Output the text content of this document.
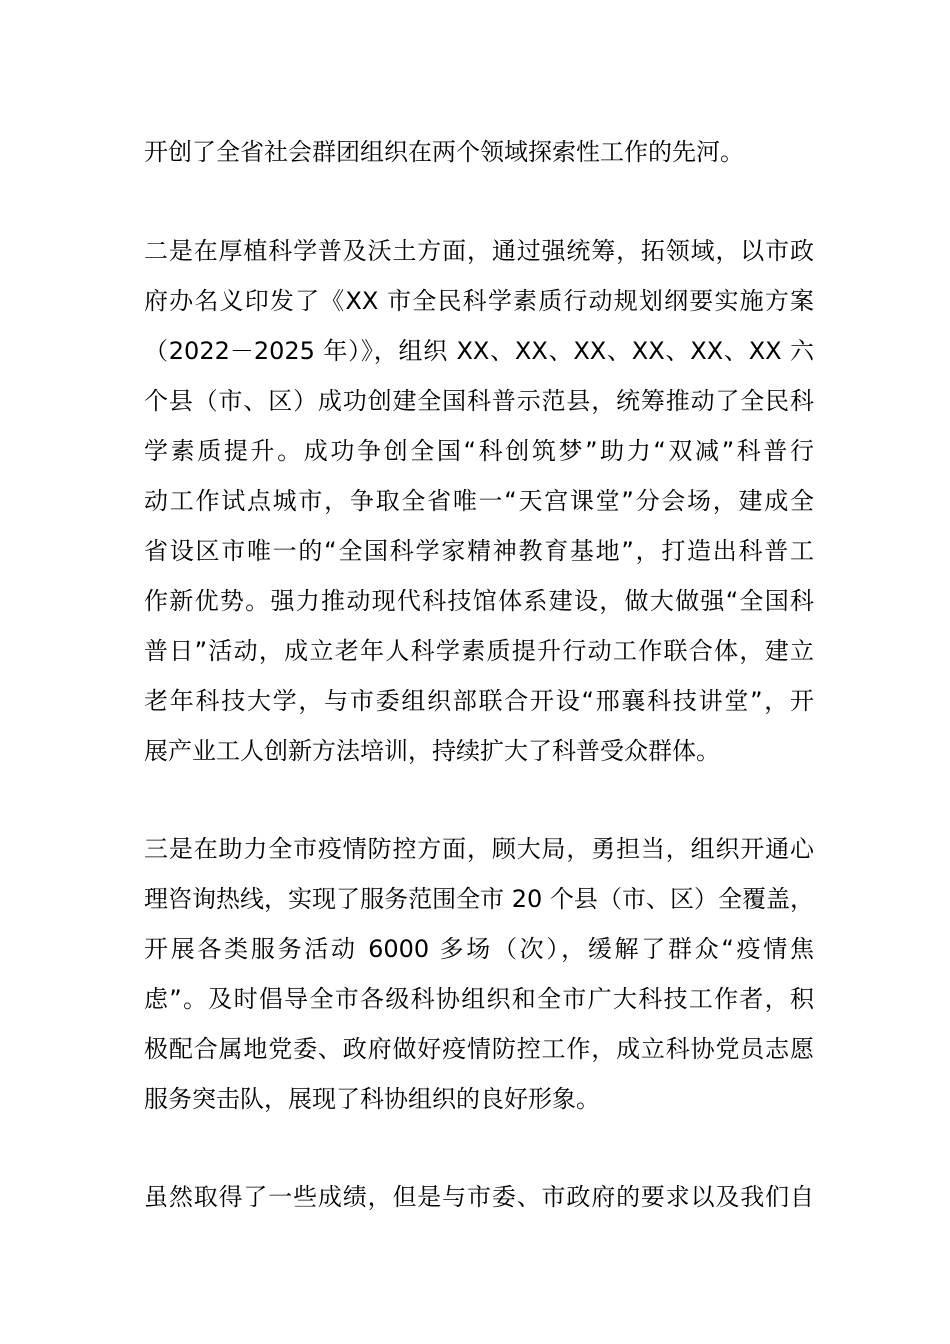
开创了全省社会群团组织在两个领域探索性工作的先河。
二是在厚植科学普及沃土方面，通过强统筹，拓领域，以市政
府办名义印发了《XX 市全民科学素质行动规划纲要实施方案
（2022－2025 年）》，组织 XX、XX、XX、XX、XX、XX 六
个县（市、区）成功创建全国科普示范县，统筹推动了全民科
学素质提升。成功争创全国“科创筑梦”助力“双减”科普行
动工作试点城市，争取全省唯一“天宫课堂”分会场，建成全
省设区市唯一的“全国科学家精神教育基地”，打造出科普工
作新优势。强力推动现代科技馆体系建设，做大做强“全国科
普日”活动，成立老年人科学素质提升行动工作联合体，建立
老年科技大学，与市委组织部联合开设“邢襄科技讲堂”，开
展产业工人创新方法培训，持续扩大了科普受众群体。
三是在助力全市疫情防控方面，顾大局，勇担当，组织开通心
理咨询热线，实现了服务范围全市 20 个县（市、区）全覆盖，
开展各类服务活动 6000 多场（次），缓解了群众“疫情焦
虑”。及时倡导全市各级科协组织和全市广大科技工作者，积
极配合属地党委、政府做好疫情防控工作，成立科协党员志愿
服务突击队，展现了科协组织的良好形象。
虽然取得了一些成绩，但是与市委、市政府的要求以及我们自
